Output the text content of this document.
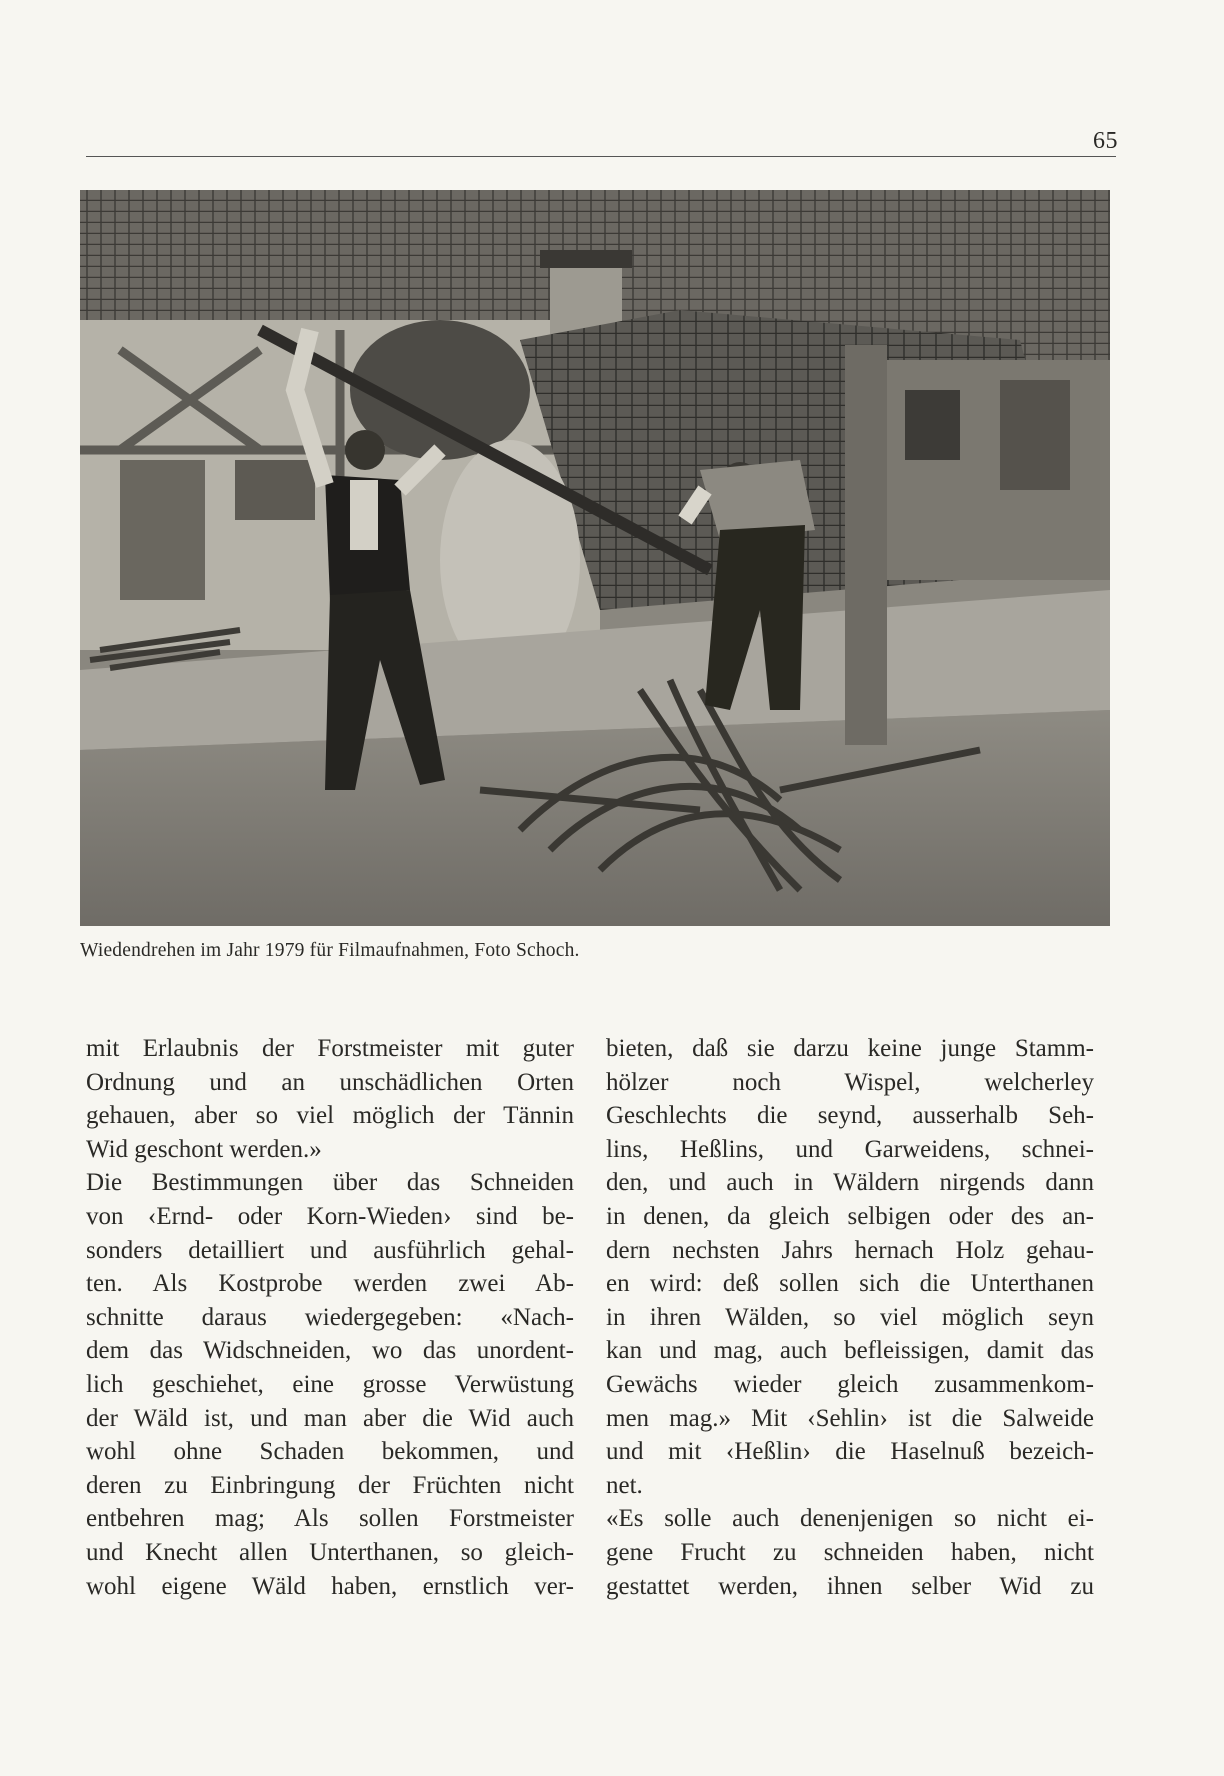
65
Wiedendrehen im Jahr 1979 für Filmaufnahmen, Foto Schoch.
mit Erlaubnis der Forstmeister mit guter
Ordnung und an unschädlichen Orten
gehauen, aber so viel möglich der Tännin
Wid geschont werden.»
Die Bestimmungen über das Schneiden
von ‹Ernd- oder Korn-Wieden› sind be-
sonders detailliert und ausführlich gehal-
ten. Als Kostprobe werden zwei Ab-
schnitte daraus wiedergegeben: «Nach-
dem das Widschneiden, wo das unordent-
lich geschiehet, eine grosse Verwüstung
der Wäld ist, und man aber die Wid auch
wohl ohne Schaden bekommen, und
deren zu Einbringung der Früchten nicht
entbehren mag; Als sollen Forstmeister
und Knecht allen Unterthanen, so gleich-
wohl eigene Wäld haben, ernstlich ver-
bieten, daß sie darzu keine junge Stamm-
hölzer noch Wispel, welcherley
Geschlechts die seynd, ausserhalb Seh-
lins, Heßlins, und Garweidens, schnei-
den, und auch in Wäldern nirgends dann
in denen, da gleich selbigen oder des an-
dern nechsten Jahrs hernach Holz gehau-
en wird: deß sollen sich die Unterthanen
in ihren Wälden, so viel möglich seyn
kan und mag, auch befleissigen, damit das
Gewächs wieder gleich zusammenkom-
men mag.» Mit ‹Sehlin› ist die Salweide
und mit ‹Heßlin› die Haselnuß bezeich-
net.
«Es solle auch denenjenigen so nicht ei-
gene Frucht zu schneiden haben, nicht
gestattet werden, ihnen selber Wid zu
